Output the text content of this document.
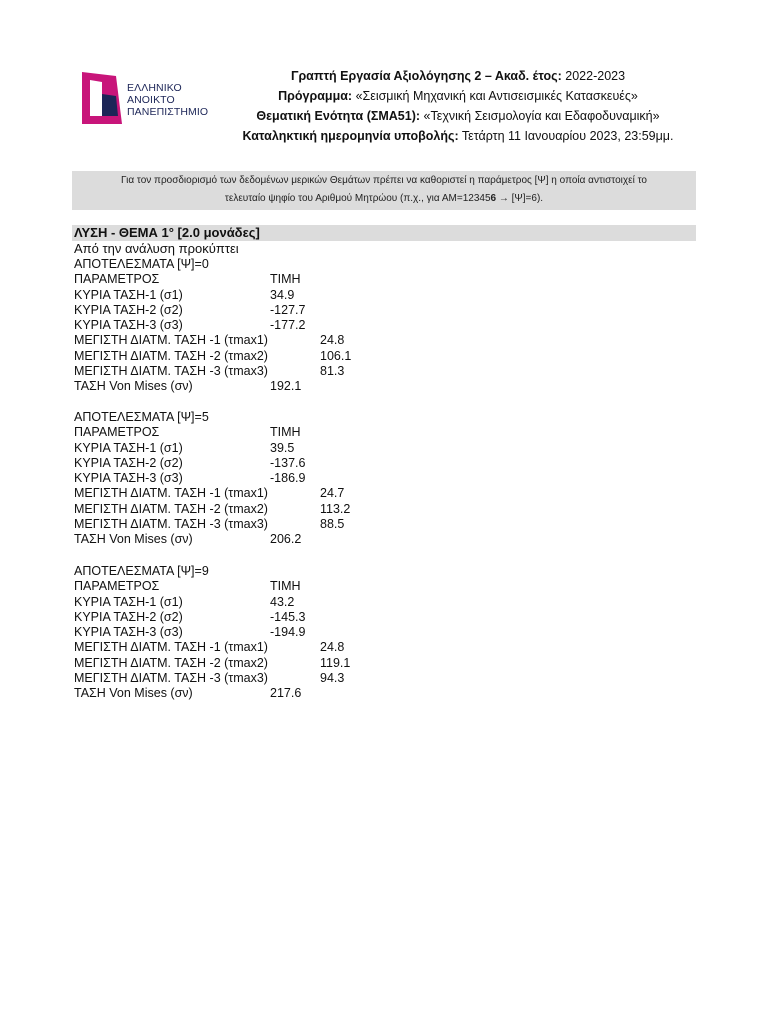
ΕΛΛΗΝΙΚΟ
ΑΝΟΙΚΤΟ
ΠΑΝΕΠΙΣΤΗΜΙΟ
Γραπτή Εργασία Αξιολόγησης 2 – Ακαδ. έτος: 2022-2023
Πρόγραμμα: «Σεισμική Μηχανική και Αντισεισμικές Κατασκευές»
Θεματική Ενότητα (ΣΜΑ51): «Τεχνική Σεισμολογία και Εδαφοδυναμική»
Καταληκτική ημερομηνία υποβολής: Τετάρτη 11 Ιανουαρίου 2023, 23:59μμ.
Για τον προσδιορισμό των δεδομένων μερικών Θεμάτων πρέπει να καθοριστεί η παράμετρος [Ψ] η οποία αντιστοιχεί το
τελευταίο ψηφίο του Αριθμού Μητρώου (π.χ., για ΑΜ=123456 → [Ψ]=6).
ΛΥΣΗ - ΘΕΜΑ 1° [2.0 μονάδες]
Από την ανάλυση προκύπτει
ΑΠΟΤΕΛΕΣΜΑΤΑ [Ψ]=0
ΠΑΡΑΜΕΤΡΟΣ	ΤΙΜΗ
ΚΥΡΙΑ ΤΑΣΗ-1 (σ1)	34.9
ΚΥΡΙΑ ΤΑΣΗ-2 (σ2)	-127.7
ΚΥΡΙΑ ΤΑΣΗ-3 (σ3)	-177.2
ΜΕΓΙΣΤΗ ΔΙΑΤΜ. ΤΑΣΗ -1 (τmax1)	24.8
ΜΕΓΙΣΤΗ ΔΙΑΤΜ. ΤΑΣΗ -2 (τmax2)	106.1
ΜΕΓΙΣΤΗ ΔΙΑΤΜ. ΤΑΣΗ -3 (τmax3)	81.3
ΤΑΣΗ Von Mises (σν)	192.1
ΑΠΟΤΕΛΕΣΜΑΤΑ [Ψ]=5
ΠΑΡΑΜΕΤΡΟΣ	ΤΙΜΗ
ΚΥΡΙΑ ΤΑΣΗ-1 (σ1)	39.5
ΚΥΡΙΑ ΤΑΣΗ-2 (σ2)	-137.6
ΚΥΡΙΑ ΤΑΣΗ-3 (σ3)	-186.9
ΜΕΓΙΣΤΗ ΔΙΑΤΜ. ΤΑΣΗ -1 (τmax1)	24.7
ΜΕΓΙΣΤΗ ΔΙΑΤΜ. ΤΑΣΗ -2 (τmax2)	113.2
ΜΕΓΙΣΤΗ ΔΙΑΤΜ. ΤΑΣΗ -3 (τmax3)	88.5
ΤΑΣΗ Von Mises (σν)	206.2
ΑΠΟΤΕΛΕΣΜΑΤΑ [Ψ]=9
ΠΑΡΑΜΕΤΡΟΣ	ΤΙΜΗ
ΚΥΡΙΑ ΤΑΣΗ-1 (σ1)	43.2
ΚΥΡΙΑ ΤΑΣΗ-2 (σ2)	-145.3
ΚΥΡΙΑ ΤΑΣΗ-3 (σ3)	-194.9
ΜΕΓΙΣΤΗ ΔΙΑΤΜ. ΤΑΣΗ -1 (τmax1)	24.8
ΜΕΓΙΣΤΗ ΔΙΑΤΜ. ΤΑΣΗ -2 (τmax2)	119.1
ΜΕΓΙΣΤΗ ΔΙΑΤΜ. ΤΑΣΗ -3 (τmax3)	94.3
ΤΑΣΗ Von Mises (σν)	217.6
